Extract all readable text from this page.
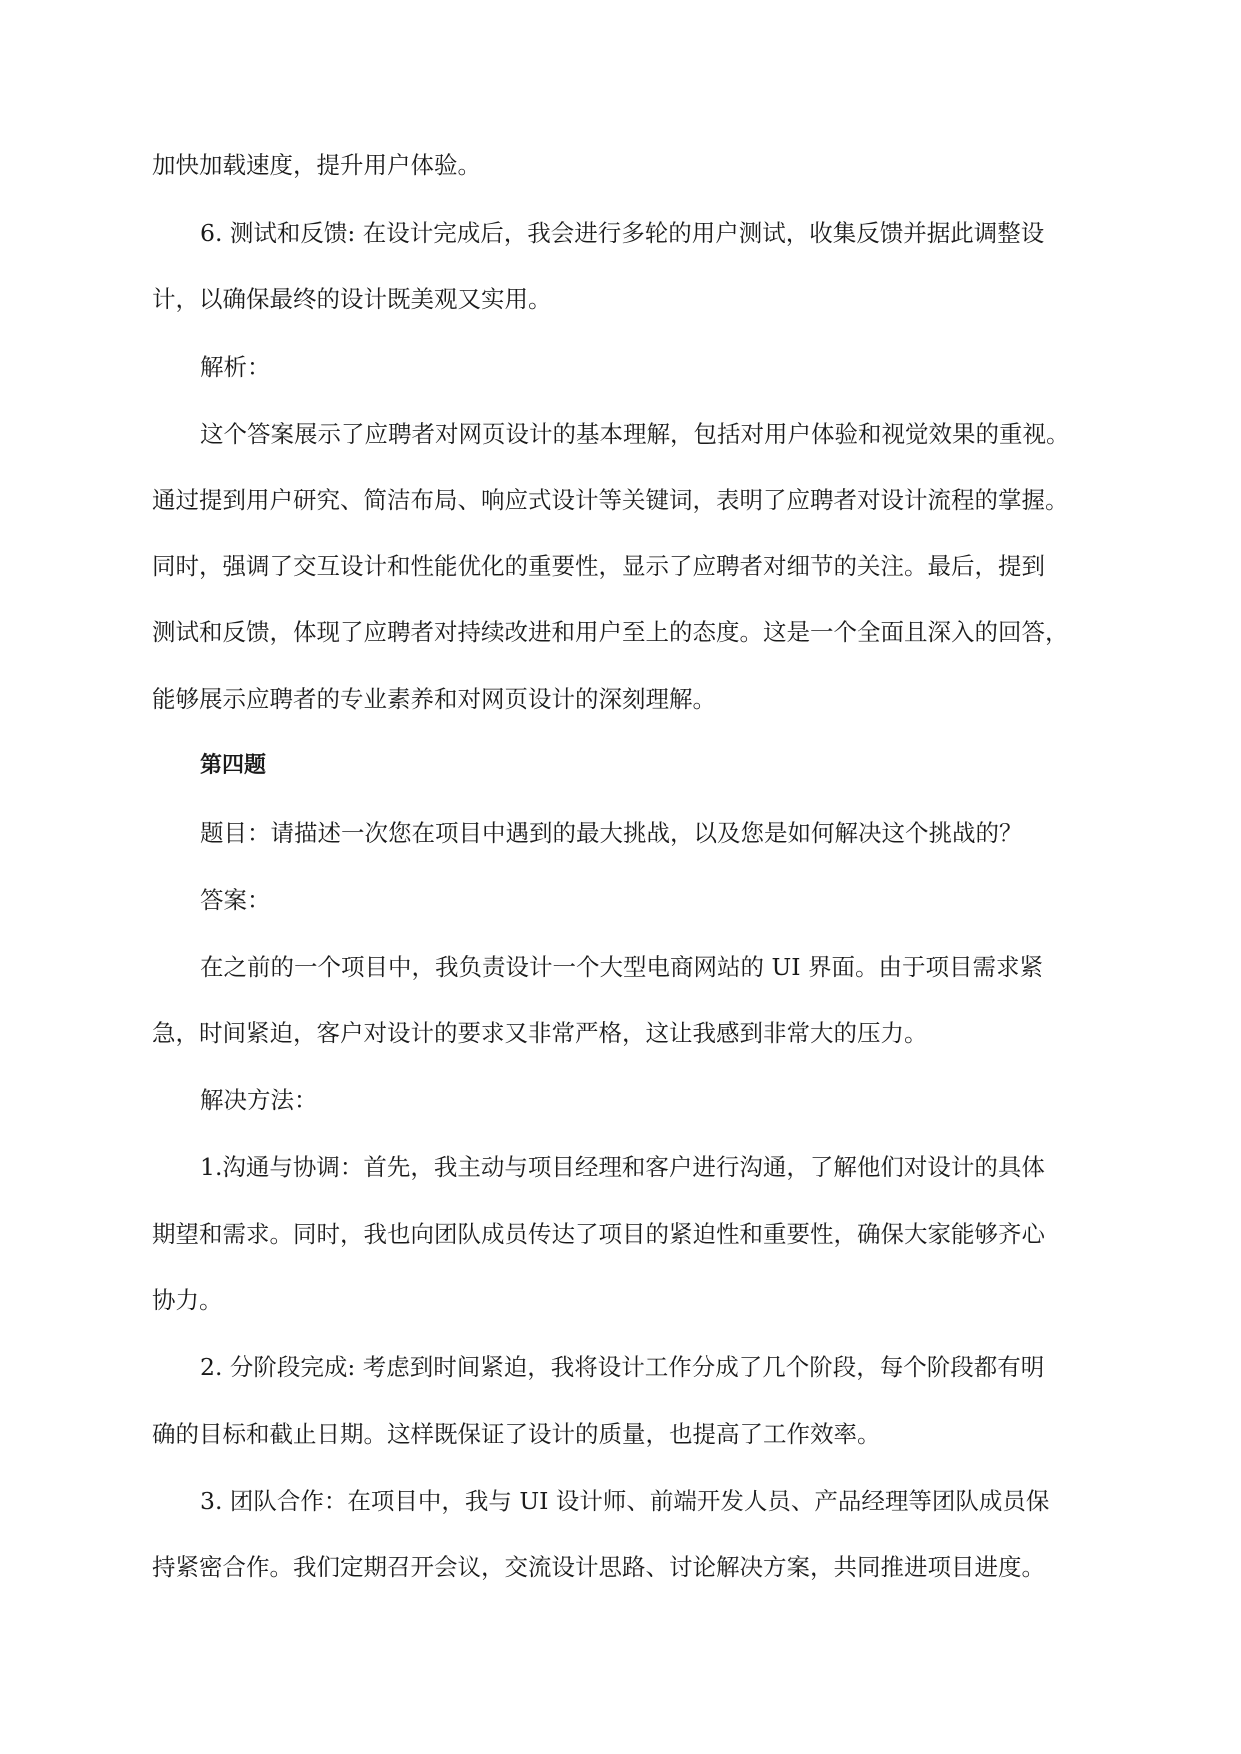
加快加载速度，提升用户体验。
6. 测试和反馈: 在设计完成后，我会进行多轮的用户测试，收集反馈并据此调整设
计，以确保最终的设计既美观又实用。
解析：
这个答案展示了应聘者对网页设计的基本理解，包括对用户体验和视觉效果的重视。
通过提到用户研究、简洁布局、响应式设计等关键词，表明了应聘者对设计流程的掌握。
同时，强调了交互设计和性能优化的重要性，显示了应聘者对细节的关注。最后，提到
测试和反馈，体现了应聘者对持续改进和用户至上的态度。这是一个全面且深入的回答，
能够展示应聘者的专业素养和对网页设计的深刻理解。
第四题
题目：请描述一次您在项目中遇到的最大挑战，以及您是如何解决这个挑战的？
答案：
在之前的一个项目中，我负责设计一个大型电商网站的 UI 界面。由于项目需求紧
急，时间紧迫，客户对设计的要求又非常严格，这让我感到非常大的压力。
解决方法：
1.沟通与协调：首先，我主动与项目经理和客户进行沟通，了解他们对设计的具体
期望和需求。同时，我也向团队成员传达了项目的紧迫性和重要性，确保大家能够齐心
协力。
2. 分阶段完成: 考虑到时间紧迫，我将设计工作分成了几个阶段，每个阶段都有明
确的目标和截止日期。这样既保证了设计的质量，也提高了工作效率。
3. 团队合作：在项目中，我与 UI 设计师、前端开发人员、产品经理等团队成员保
持紧密合作。我们定期召开会议，交流设计思路、讨论解决方案，共同推进项目进度。
